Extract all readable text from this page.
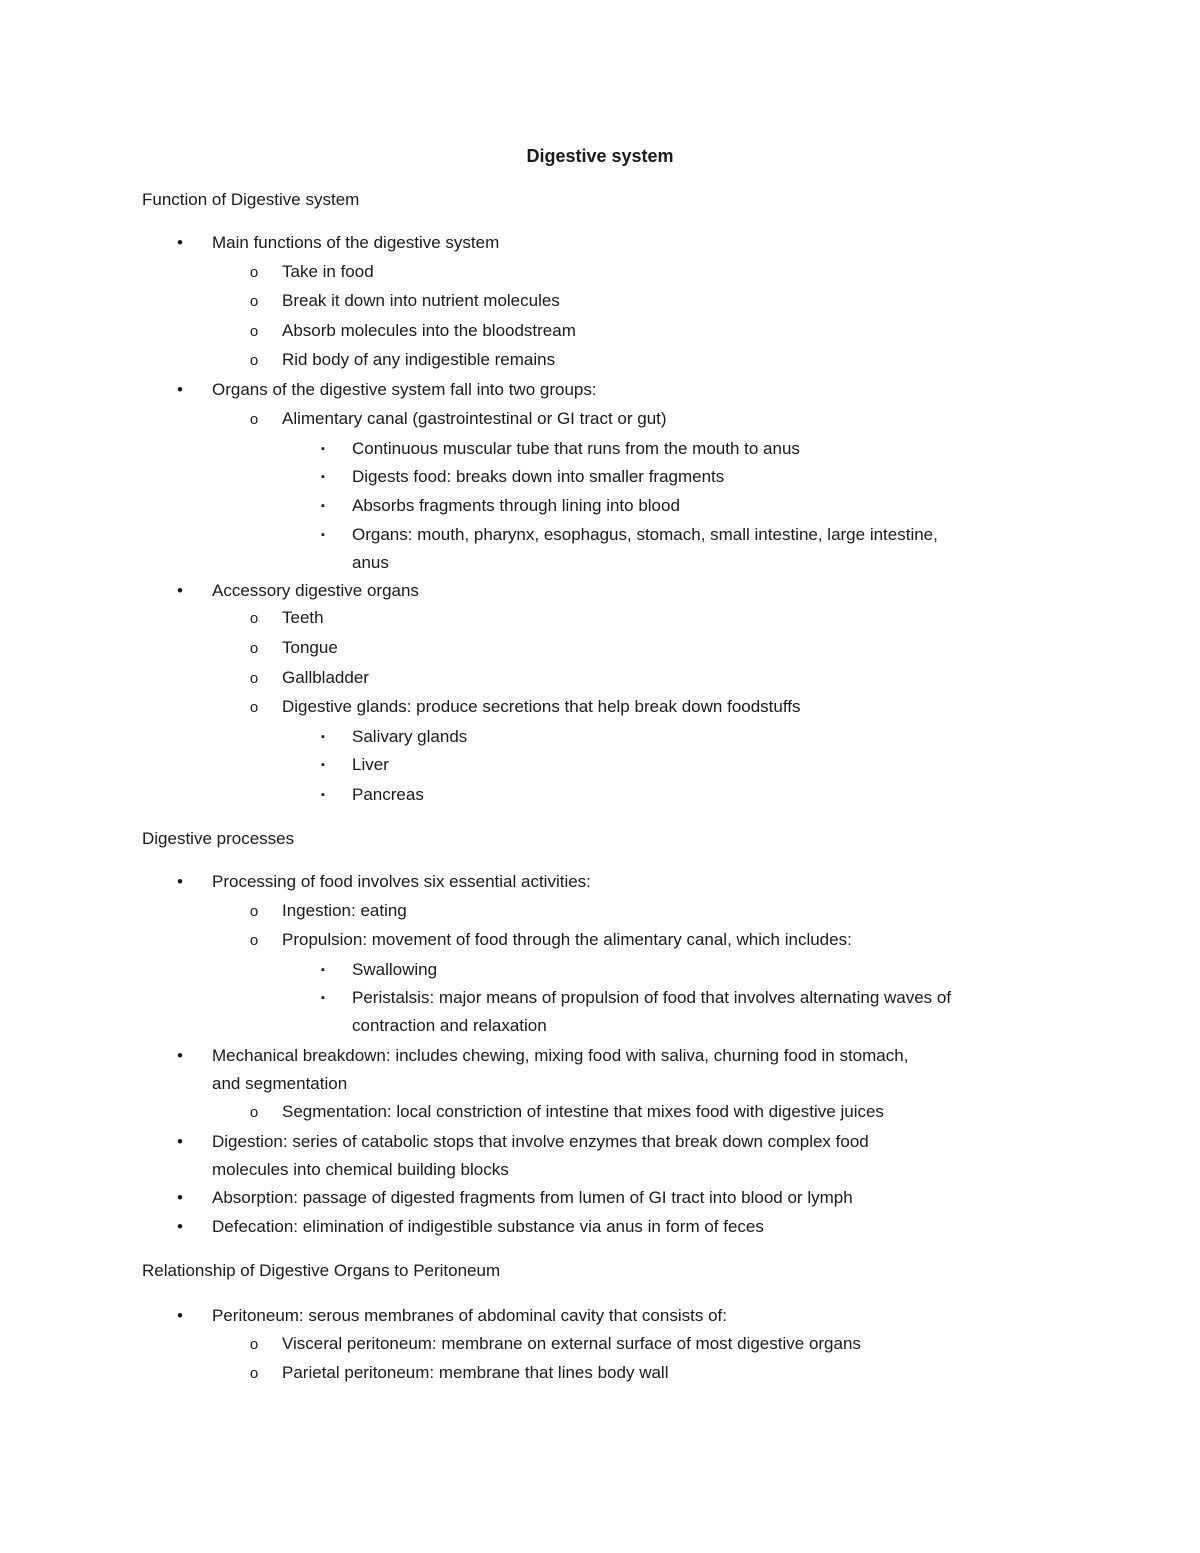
Digestive system
Function of Digestive system
•	Main functions of the digestive system
o	Take in food
o	Break it down into nutrient molecules
o	Absorb molecules into the bloodstream
o	Rid body of any indigestible remains
•	Organs of the digestive system fall into two groups:
o	Alimentary canal (gastrointestinal or GI tract or gut)
▪	Continuous muscular tube that runs from the mouth to anus
▪	Digests food: breaks down into smaller fragments
▪	Absorbs fragments through lining into blood
▪	Organs: mouth, pharynx, esophagus, stomach, small intestine, large intestine,
anus
•	Accessory digestive organs
o	Teeth
o	Tongue
o	Gallbladder
o	Digestive glands: produce secretions that help break down foodstuffs
▪	Salivary glands
▪	Liver
▪	Pancreas
Digestive processes
•	Processing of food involves six essential activities:
o	Ingestion: eating
o	Propulsion: movement of food through the alimentary canal, which includes:
▪	Swallowing
▪	Peristalsis: major means of propulsion of food that involves alternating waves of
contraction and relaxation
•	Mechanical breakdown: includes chewing, mixing food with saliva, churning food in stomach,
and segmentation
o	Segmentation: local constriction of intestine that mixes food with digestive juices
•	Digestion: series of catabolic stops that involve enzymes that break down complex food
molecules into chemical building blocks
•	Absorption: passage of digested fragments from lumen of GI tract into blood or lymph
•	Defecation: elimination of indigestible substance via anus in form of feces
Relationship of Digestive Organs to Peritoneum
•	Peritoneum: serous membranes of abdominal cavity that consists of:
o	Visceral peritoneum: membrane on external surface of most digestive organs
o	Parietal peritoneum: membrane that lines body wall
